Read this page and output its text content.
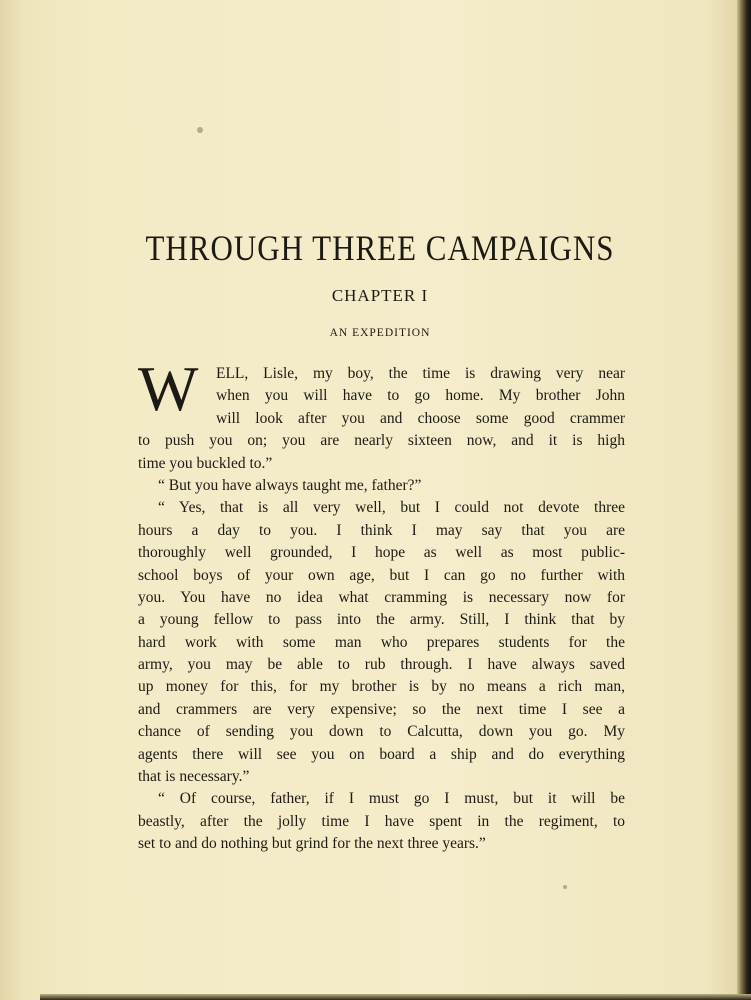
THROUGH THREE CAMPAIGNS
CHAPTER I
AN EXPEDITION
W ELL, Lisle, my boy, the time is drawing very near
when you will have to go home. My brother John
will look after you and choose some good crammer
to push you on; you are nearly sixteen now, and it is high
time you buckled to.”
“ But you have always taught me, father?”
“ Yes, that is all very well, but I could not devote three
hours a day to you. I think I may say that you are
thoroughly well grounded, I hope as well as most public-
school boys of your own age, but I can go no further with
you. You have no idea what cramming is necessary now for
a young fellow to pass into the army. Still, I think that by
hard work with some man who prepares students for the
army, you may be able to rub through. I have always saved
up money for this, for my brother is by no means a rich man,
and crammers are very expensive; so the next time I see a
chance of sending you down to Calcutta, down you go. My
agents there will see you on board a ship and do everything
that is necessary.”
“ Of course, father, if I must go I must, but it will be
beastly, after the jolly time I have spent in the regiment, to
set to and do nothing but grind for the next three years.”
